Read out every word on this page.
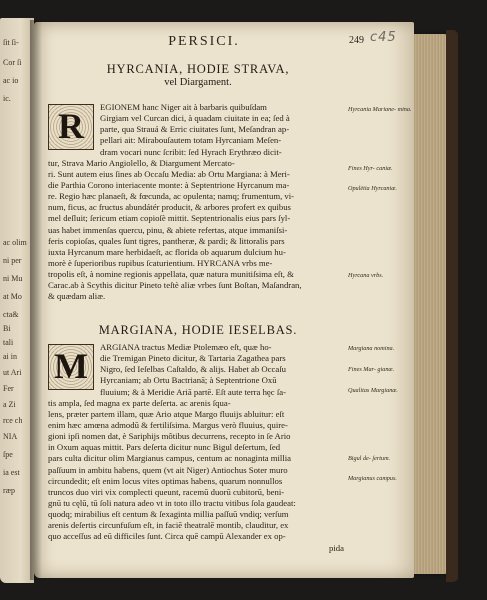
ſit ſi-
Cor ſi
ac io
ic.
ac olim
ni per
ni Mu
at Mo
cta&
Bi
tali
ai in
ut Ari
Fer
a Zi
rce ch
NIA
ſpe
ia est
ræp
PERSICI.	249 c45
HYRCANIA, HODIE STRAVA,
vel Diargament.
R	EGIONEM hanc Niger ait à barbaris quibuſdam
Girgiam vel Curcan dici, à quadam ciuitate in ea; ſed à
parte, qua Strauá & Erric ciuitates ſunt, Meſandran ap-
pellari ait: Mirabouſautem totam Hyrcaniam Meſen-
dram vocari nunc ſcribit: ſed Hyrach Erythræo dicit-
tur, Strava Mario Angiolello, & Diargument Mercato-
ri. Sunt autem eius ſines ab Occaſu Media: ab Ortu Margiana: à Meri-
die Parthia Corono interiacente monte: à Septentrione Hyrcanum ma-
re. Regio hæc planaeſt, & fœcunda, ac opulenta; namq; frumentum, vi-
num, ficus, ac fructus abundátér producit, & arbores profert ex quibus
mel deſluit; ſericum etiam copioſè mittit. Septentrionalis eius pars ſyl-
uas habet immenſas quercu, pinu, & abiete refertas, atque immaniſsi-
feris copioſas, quales ſunt tigres, pantheræ, & pardi; & littoralis pars
iuxta Hyrcanum mare herbidaeſt, ac florida ob aquarum dulcium hu-
morè è ſuperioribus rupibus ſcaturientium. HYRCANA vrbs me-
tropolis eſt, à nomine regionis appellata, quæ natura munitiſsima eſt, &
Carac.ab à Scythis dicitur Pineto teſtè aliæ vrbes ſunt Boſtan, Maſandran,
& quædam aliæ.
MARGIANA, HODIE IESELBAS.
M	ARGIANA tractus Mediæ Ptolemæo eſt, quæ ho-
die Tremigan Pineto dicitur, & Tartaria Zagathea pars
Nigro, ſed Ieſelbas Caſtaldo, & alijs. Habet ab Occaſu
Hyrcaniam; ab Ortu Bactrianā; à Septentrione Oxū
fluuium; & à Meridie Ariā partē. Eſt aute terra hęc ſa-
tis ampla, ſed magna ex parte deſerta. ac arenis ſqua-
lens, præter partem illam, quæ Ario atque Margo fluuijs abluitur: eſt
enim hæc amœna admodū & fertiliſsima. Margus verò fluuius, quire-
gioni ipſi nomen dat, è Sariphijs môtibus decurrens, recepto in ſe Ario
in Oxum aquas mittit. Pars deſerta dicitur nunc Bigul deſertum, ſed
pars culta dicitur olim Margianus campus, centum ac nonaginta millia
paſſuum in ambitu habens, quem (vt ait Niger) Antiochus Soter muro
circundedit; eſt enim locus vites optimas habens, quarum nonnullos
truncos duo viri vix complecti queunt, racemū duorū cubitorū, beni-
gnū tu cęlū, tū ſoli natura adeo vt in toto illo tractu vitibus ſola gaudeat:
quodq; mirabilius eſt centum & ſexaginta millia paſſuū vndiq; verſum
arenis deſertis circunfuſum eſt, in faciē theatralē montib, clauditur, ex
quo acceſſus ad eū difficiles ſunt. Circa quē campū Alexander ex op-
pida
Hyrcania Mariane- mina.
Fines Hyr- caniæ.
Opulētia Hyrcaniæ.
Hyrcana vrbs.
Margiana nomina.
Fines Mar- gianæ.
Qualitas Margianæ.
Bigul de- ſertum.
Margianus campus.
